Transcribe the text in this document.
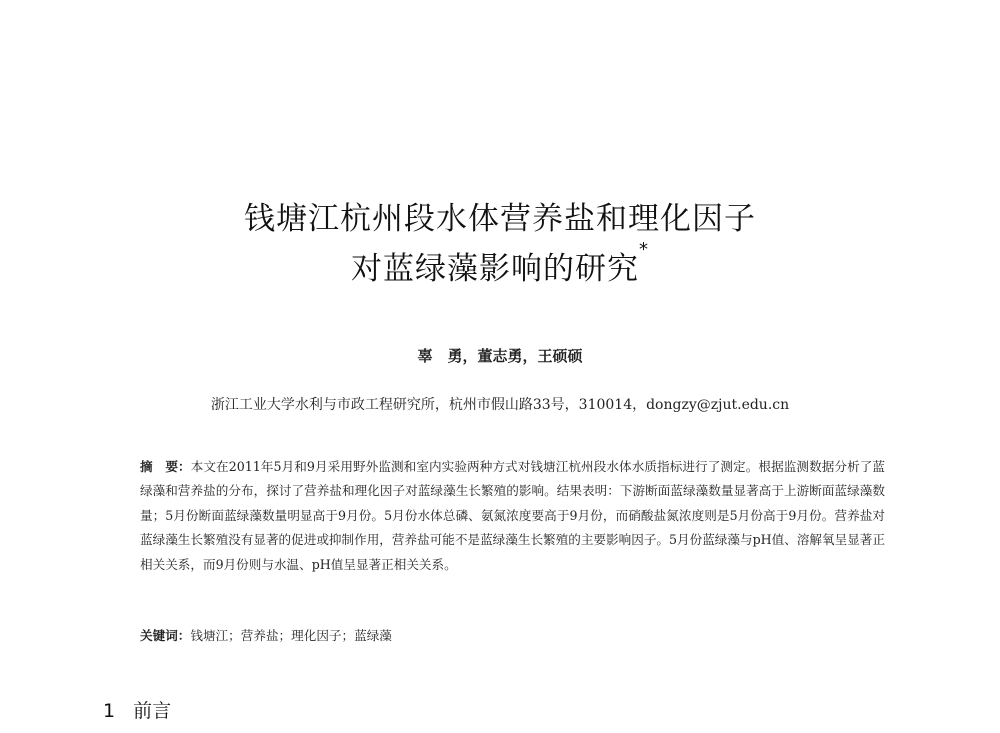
钱塘江杭州段水体营养盐和理化因子
对蓝绿藻影响的研究*
辜　勇，董志勇，王硕硕
浙江工业大学水利与市政工程研究所，杭州市假山路33号，310014，dongzy@zjut.edu.cn

摘　要：本文在2011年5月和9月采用野外监测和室内实验两种方式对钱塘江杭州段水体水质指标进行了测定。根据监测数据分析了蓝绿藻和营养盐的分布，探讨了营养盐和理化因子对蓝绿藻生长繁殖的影响。结果表明：下游断面蓝绿藻数量显著高于上游断面蓝绿藻数量；5月份断面蓝绿藻数量明显高于9月份。5月份水体总磷、氨氮浓度要高于9月份，而硝酸盐氮浓度则是5月份高于9月份。营养盐对蓝绿藻生长繁殖没有显著的促进或抑制作用，营养盐可能不是蓝绿藻生长繁殖的主要影响因子。5月份蓝绿藻与pH值、溶解氧呈显著正相关关系，而9月份则与水温、pH值呈显著正相关关系。

关键词：钱塘江；营养盐；理化因子；蓝绿藻
1 前言
